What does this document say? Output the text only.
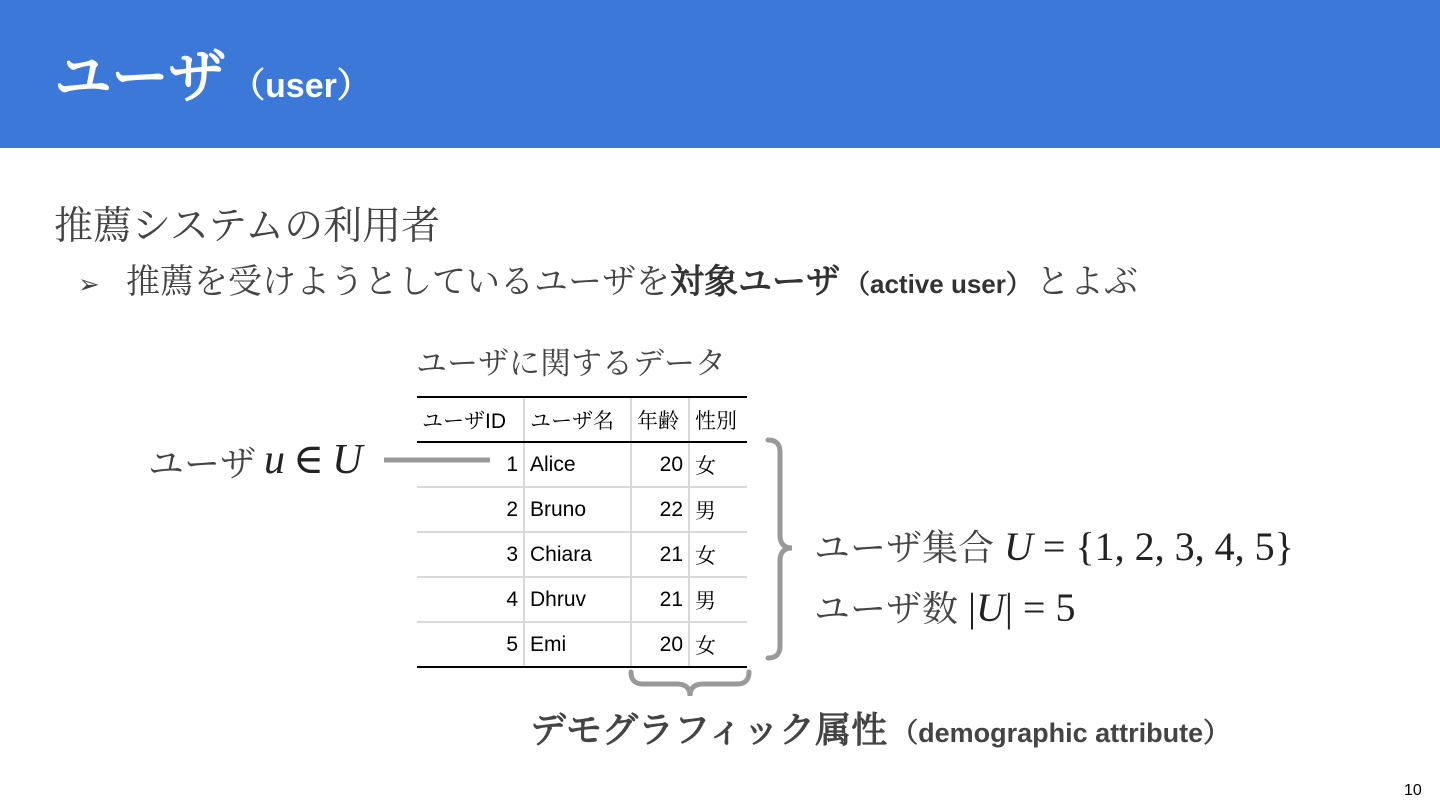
ユーザ （user）
推薦システムの利用者
➢ 推薦を受けようとしているユーザを 対象ユーザ （active user） とよぶ
ユーザに関するデータ
ユーザID	ユーザ名	年齢	性別
1	Alice	20	女
2	Bruno	22	男
3	Chiara	21	女
4	Dhruv	21	男
5	Emi	20	女
ユーザ u ∈ U
ユーザ集合 U = {1, 2, 3, 4, 5}
ユーザ数 |U| = 5
デモグラフィック属性 （demographic attribute）
10
